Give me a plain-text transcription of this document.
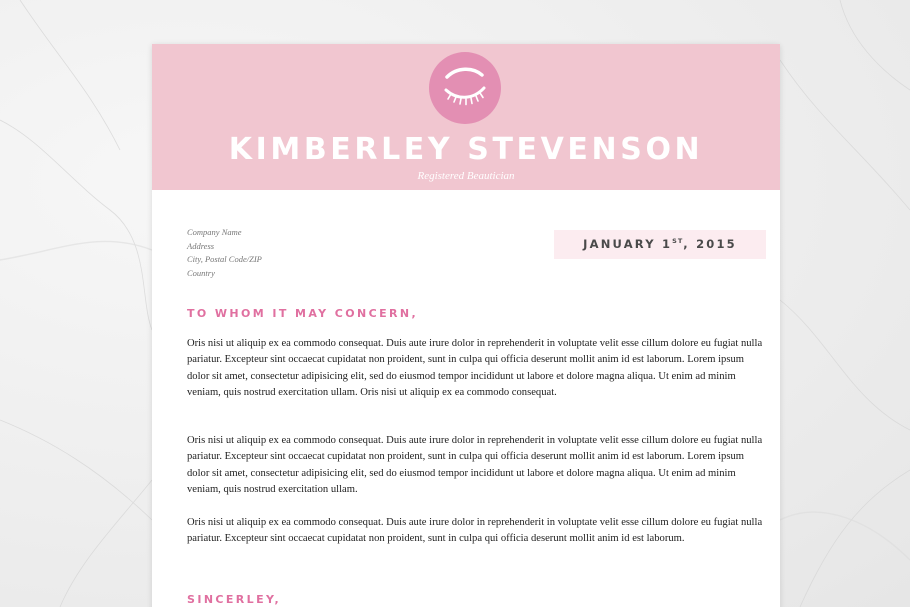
KIMBERLEY STEVENSON
Registered Beautician
Company Name
Address
City, Postal Code/ZIP
Country
JANUARY 1ST, 2015
TO WHOM IT MAY CONCERN,
Oris nisi ut aliquip ex ea commodo consequat. Duis aute irure dolor in reprehenderit in voluptate velit esse cillum dolore eu fugiat nulla pariatur. Excepteur sint occaecat cupidatat non proident, sunt in culpa qui officia deserunt mollit anim id est laborum. Lorem ipsum dolor sit amet, consectetur adipisicing elit, sed do eiusmod tempor incididunt ut labore et dolore magna aliqua. Ut enim ad minim veniam, quis nostrud exercitation ullam. Oris nisi ut aliquip ex ea commodo consequat.
Oris nisi ut aliquip ex ea commodo consequat. Duis aute irure dolor in reprehenderit in voluptate velit esse cillum dolore eu fugiat nulla pariatur. Excepteur sint occaecat cupidatat non proident, sunt in culpa qui officia deserunt mollit anim id est laborum. Lorem ipsum dolor sit amet, consectetur adipisicing elit, sed do eiusmod tempor incididunt ut labore et dolore magna aliqua. Ut enim ad minim veniam, quis nostrud exercitation ullam.
Oris nisi ut aliquip ex ea commodo consequat. Duis aute irure dolor in reprehenderit in voluptate velit esse cillum dolore eu fugiat nulla pariatur. Excepteur sint occaecat cupidatat non proident, sunt in culpa qui officia deserunt mollit anim id est laborum.
SINCERLEY,
